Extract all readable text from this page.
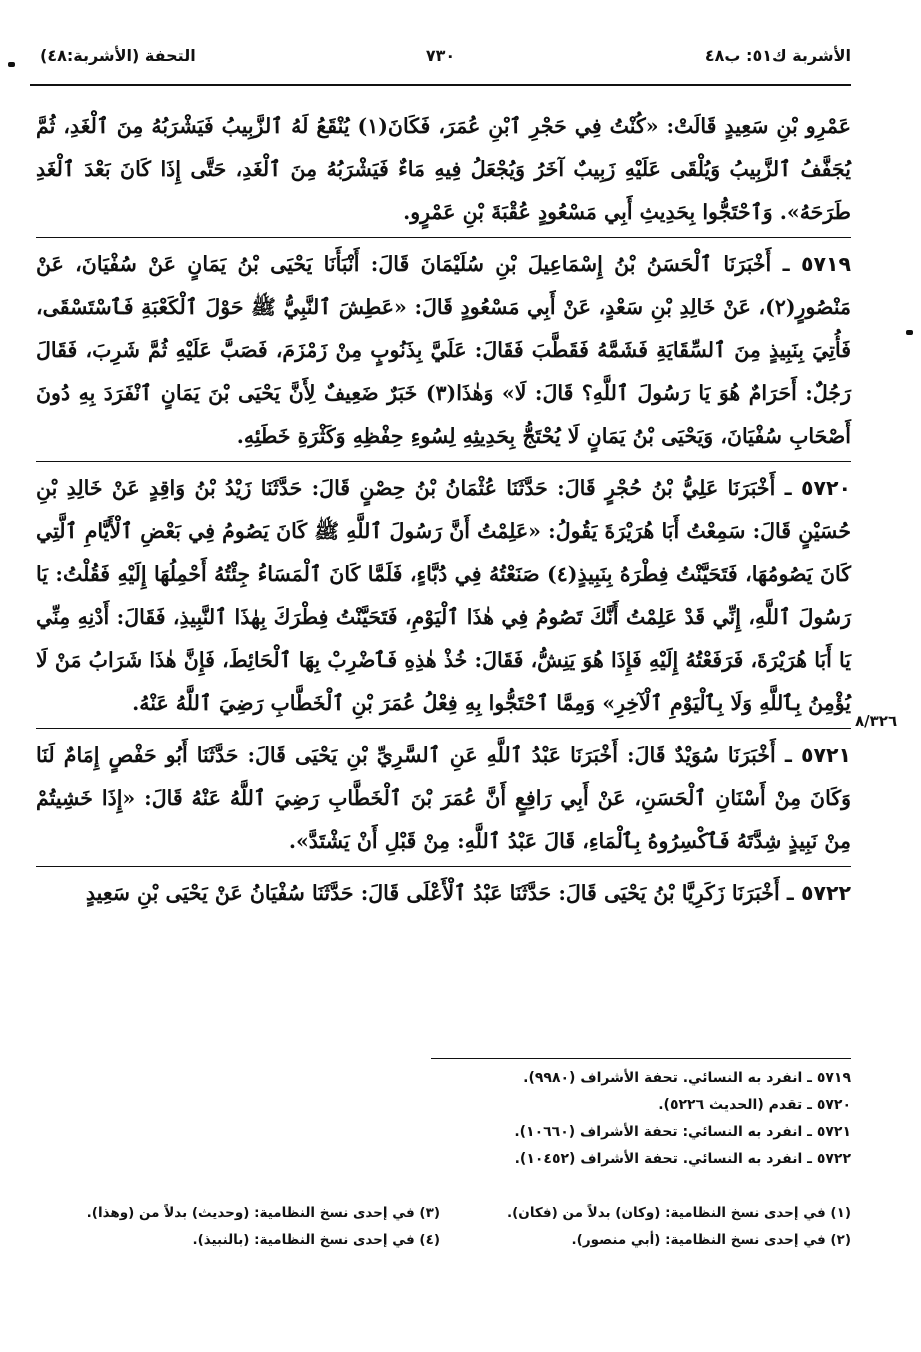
الأشربة ك٥١: ب٤٨
٧٣٠
التحفة (الأشربة:٤٨)
٨/٣٢٦

عَمْرِو بْنِ سَعِيدٍ قَالَتْ: «كُنْتُ فِي حَجْرِ ٱبْنِ عُمَرَ، فَكَانَ(١) يُنْقَعُ لَهُ ٱلزَّبِيبُ فَيَشْرَبُهُ مِنَ ٱلْغَدِ، ثُمَّ يُجَفَّفُ ٱلزَّبِيبُ وَيُلْقَى عَلَيْهِ زَبِيبٌ آخَرُ وَيُجْعَلُ فِيهِ مَاءٌ فَيَشْرَبُهُ مِنَ ٱلْغَدِ، حَتَّى إِذَا كَانَ بَعْدَ ٱلْغَدِ طَرَحَهُ». وَٱحْتَجُّوا بِحَدِيثِ أَبِي مَسْعُودٍ عُقْبَةَ بْنِ عَمْرٍو.

٥٧١٩ ـ أَخْبَرَنَا ٱلْحَسَنُ بْنُ إِسْمَاعِيلَ بْنِ سُلَيْمَانَ قَالَ: أَنْبَأَنَا يَحْيَى بْنُ يَمَانٍ عَنْ سُفْيَانَ، عَنْ مَنْصُورٍ(٢)، عَنْ خَالِدِ بْنِ سَعْدٍ، عَنْ أَبِي مَسْعُودٍ قَالَ: «عَطِشَ ٱلنَّبِيُّ ﷺ حَوْلَ ٱلْكَعْبَةِ فَٱسْتَسْقَى، فَأُتِيَ بِنَبِيذٍ مِنَ ٱلسِّقَايَةِ فَشَمَّهُ فَقَطَّبَ فَقَالَ: عَلَيَّ بِذَنُوبٍ مِنْ زَمْزَمَ، فَصَبَّ عَلَيْهِ ثُمَّ شَرِبَ، فَقَالَ رَجُلٌ: أَحَرَامٌ هُوَ يَا رَسُولَ ٱللَّهِ؟ قَالَ: لَا» وَهٰذَا(٣) خَبَرٌ ضَعِيفٌ لِأَنَّ يَحْيَى بْنَ يَمَانٍ ٱنْفَرَدَ بِهِ دُونَ أَصْحَابِ سُفْيَانَ، وَيَحْيَى بْنُ يَمَانٍ لَا يُحْتَجُّ بِحَدِيثِهِ لِسُوءِ حِفْظِهِ وَكَثْرَةِ خَطَئِهِ.

٥٧٢٠ ـ أَخْبَرَنَا عَلِيُّ بْنُ حُجْرٍ قَالَ: حَدَّثَنَا عُثْمَانُ بْنُ حِصْنٍ قَالَ: حَدَّثَنَا زَيْدُ بْنُ وَاقِدٍ عَنْ خَالِدِ بْنِ حُسَيْنٍ قَالَ: سَمِعْتُ أَبَا هُرَيْرَةَ يَقُولُ: «عَلِمْتُ أَنَّ رَسُولَ ٱللَّهِ ﷺ كَانَ يَصُومُ فِي بَعْضِ ٱلْأَيَّامِ ٱلَّتِي كَانَ يَصُومُهَا، فَتَحَيَّنْتُ فِطْرَهُ بِنَبِيذٍ(٤) صَنَعْتُهُ فِي دُبَّاءٍ، فَلَمَّا كَانَ ٱلْمَسَاءُ جِئْتُهُ أَحْمِلُهَا إِلَيْهِ فَقُلْتُ: يَا رَسُولَ ٱللَّهِ، إِنِّي قَدْ عَلِمْتُ أَنَّكَ تَصُومُ فِي هٰذَا ٱلْيَوْمِ، فَتَحَيَّنْتُ فِطْرَكَ بِهٰذَا ٱلنَّبِيذِ، فَقَالَ: أَدْنِهِ مِنِّي يَا أَبَا هُرَيْرَةَ، فَرَفَعْتُهُ إِلَيْهِ فَإِذَا هُوَ يَنِشُّ، فَقَالَ: خُذْ هٰذِهِ فَٱضْرِبْ بِهَا ٱلْحَائِطَ، فَإِنَّ هٰذَا شَرَابُ مَنْ لَا يُؤْمِنُ بِٱللَّهِ وَلَا بِٱلْيَوْمِ ٱلْآخِرِ» وَمِمَّا ٱحْتَجُّوا بِهِ فِعْلُ عُمَرَ بْنِ ٱلْخَطَّابِ رَضِيَ ٱللَّهُ عَنْهُ.

٥٧٢١ ـ أَخْبَرَنَا سُوَيْدٌ قَالَ: أَخْبَرَنَا عَبْدُ ٱللَّهِ عَنِ ٱلسَّرِيِّ بْنِ يَحْيَى قَالَ: حَدَّثَنَا أَبُو حَفْصٍ إِمَامٌ لَنَا وَكَانَ مِنْ أَسْنَانِ ٱلْحَسَنِ، عَنْ أَبِي رَافِعٍ أَنَّ عُمَرَ بْنَ ٱلْخَطَّابِ رَضِيَ ٱللَّهُ عَنْهُ قَالَ: «إِذَا خَشِيتُمْ مِنْ نَبِيذٍ شِدَّتَهُ فَٱكْسِرُوهُ بِٱلْمَاءِ، قَالَ عَبْدُ ٱللَّهِ: مِنْ قَبْلِ أَنْ يَشْتَدَّ».

٥٧٢٢ ـ أَخْبَرَنَا زَكَرِيَّا بْنُ يَحْيَى قَالَ: حَدَّثَنَا عَبْدُ ٱلْأَعْلَى قَالَ: حَدَّثَنَا سُفْيَانُ عَنْ يَحْيَى بْنِ سَعِيدٍ

٥٧١٩ ـ انفرد به النسائي. تحفة الأشراف (٩٩٨٠).
٥٧٢٠ ـ تقدم (الحديث ٥٢٢٦).
٥٧٢١ ـ انفرد به النسائي: تحفة الأشراف (١٠٦٦٠).
٥٧٢٢ ـ انفرد به النسائي. تحفة الأشراف (١٠٤٥٢).
(١) في إحدى نسخ النظامية: (وكان) بدلاً من (فكان).
(٢) في إحدى نسخ النظامية: (أبي منصور).
(٣) في إحدى نسخ النظامية: (وحديث) بدلاً من (وهذا).
(٤) في إحدى نسخ النظامية: (بالنبيذ).
